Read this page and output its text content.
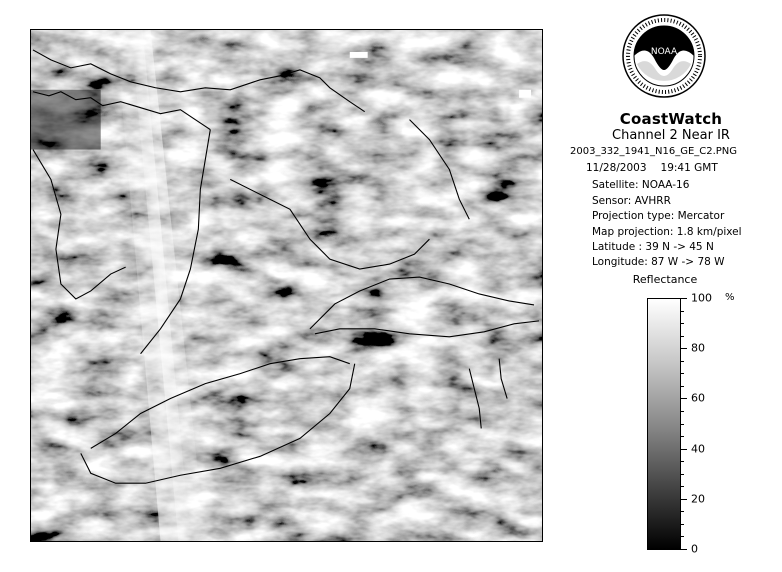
NOAA
CoastWatch
Channel 2 Near IR
2003_332_1941_N16_GE_C2.PNG
11/28/2003 19:41 GMT
Satellite: NOAA-16
Sensor: AVHRR
Projection type: Mercator
Map projection: 1.8 km/pixel
Latitude : 39 N -> 45 N
Longitude: 87 W -> 78 W
Reflectance
100
80
60
40
20
0
%
